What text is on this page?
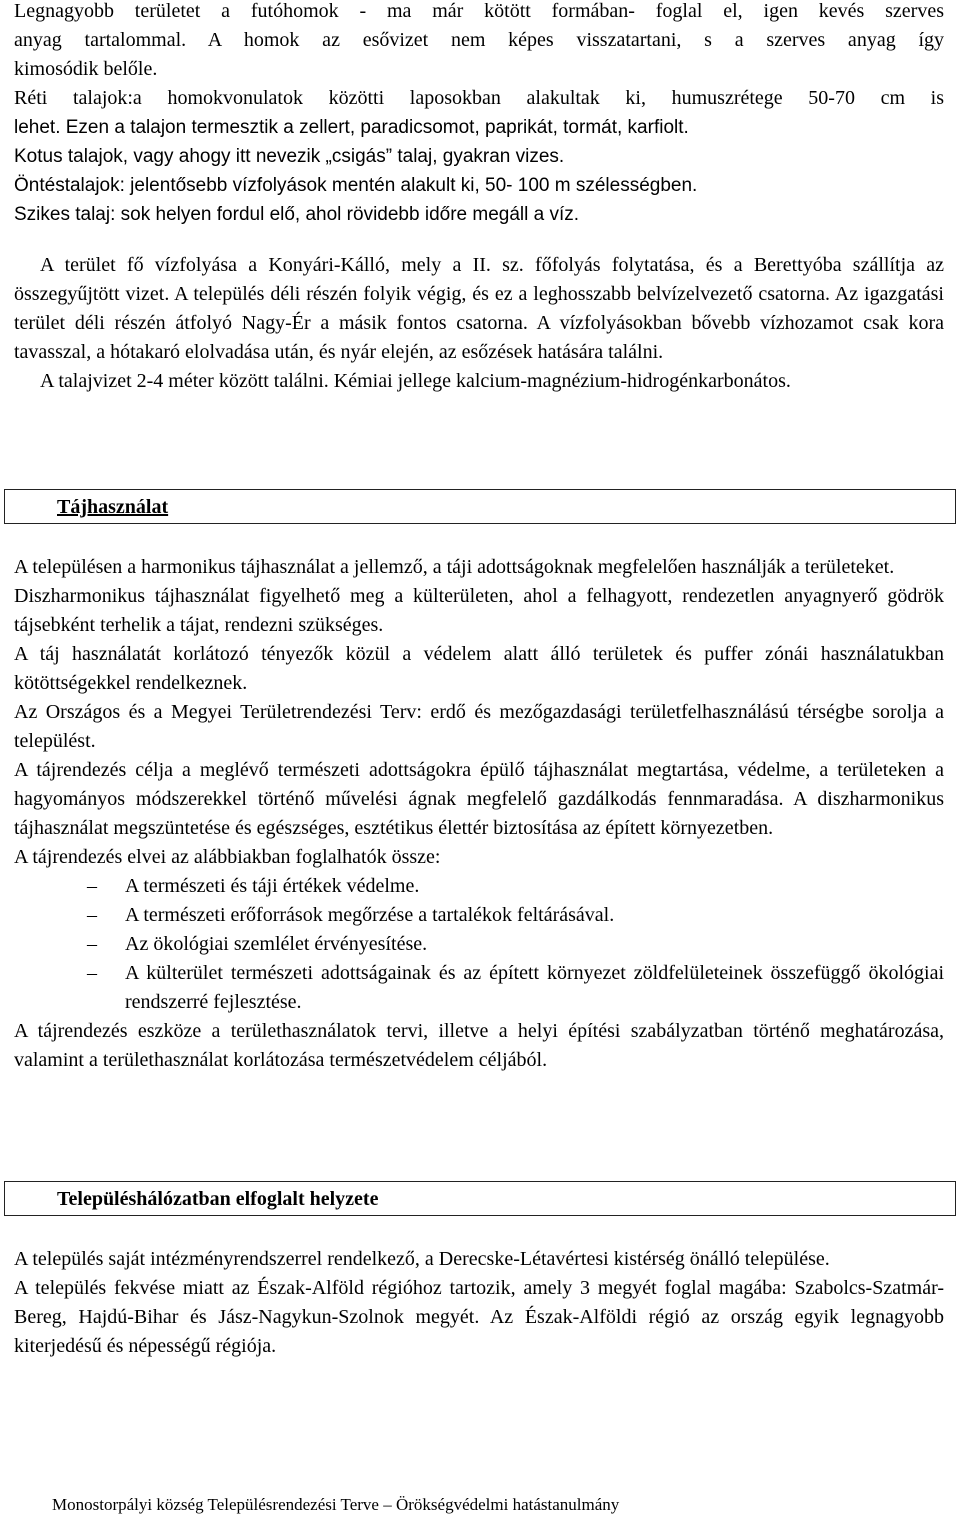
Legnagyobb területet a futóhomok - ma már kötött formában- foglal el, igen kevés szerves

anyag tartalommal. A homok az esővizet nem képes visszatartani, s a szerves anyag így

kimosódik belőle.

Réti talajok:a homokvonulatok közötti laposokban alakultak ki, humuszrétege 50-70 cm is

lehet. Ezen a talajon termesztik a zellert, paradicsomot, paprikát, tormát, karfiolt.

Kotus talajok, vagy ahogy itt nevezik „csigás” talaj, gyakran vizes.

Öntéstalajok: jelentősebb vízfolyások mentén alakult ki, 50- 100 m szélességben.

Szikes talaj: sok helyen fordul elő, ahol rövidebb időre megáll a víz.

A terület fő vízfolyása a Konyári-Kálló, mely a II. sz. főfolyás folytatása, és a Berettyóba szállítja az összegyűjtött vizet. A település déli részén folyik végig, és ez a leghosszabb belvízelvezető csatorna. Az igazgatási terület déli részén átfolyó Nagy-Ér a másik fontos csatorna. A vízfolyásokban bővebb vízhozamot csak kora tavasszal, a hótakaró elolvadása után, és nyár elején, az esőzések hatására találni.

A talajvizet 2-4 méter között találni. Kémiai jellege kalcium-magnézium-hidrogénkarbonátos.

Tájhasználat

A településen a harmonikus tájhasználat a jellemző, a táji adottságoknak megfelelően használják a területeket.

Diszharmonikus tájhasználat figyelhető meg a külterületen, ahol a felhagyott, rendezetlen anyagnyerő gödrök tájsebként terhelik a tájat, rendezni szükséges.

A táj használatát korlátozó tényezők közül a védelem alatt álló területek és puffer zónái használatukban kötöttségekkel rendelkeznek.

Az Országos és a Megyei Területrendezési Terv: erdő és mezőgazdasági területfelhasználású térségbe sorolja a települést.

A tájrendezés célja a meglévő természeti adottságokra épülő tájhasználat megtartása, védelme, a területeken a hagyományos módszerekkel történő művelési ágnak megfelelő gazdálkodás fennmaradása. A diszharmonikus tájhasználat megszüntetése és egészséges, esztétikus élettér biztosítása az épített környezetben.

A tájrendezés elvei az alábbiakban foglalhatók össze:

– A természeti és táji értékek védelme.
– A természeti erőforrások megőrzése a tartalékok feltárásával.
– Az ökológiai szemlélet érvényesítése.
– A külterület természeti adottságainak és az épített környezet zöldfelületeinek összefüggő ökológiai rendszerré fejlesztése.

A tájrendezés eszköze a területhasználatok tervi, illetve a helyi építési szabályzatban történő meghatározása, valamint a területhasználat korlátozása természetvédelem céljából.

Településhálózatban elfoglalt helyzete

A település saját intézményrendszerrel rendelkező, a Derecske-Létavértesi kistérség önálló települése.

A település fekvése miatt az Észak-Alföld régióhoz tartozik, amely 3 megyét foglal magába: Szabolcs-Szatmár-Bereg, Hajdú-Bihar és Jász-Nagykun-Szolnok megyét. Az Észak-Alföldi régió az ország egyik legnagyobb kiterjedésű és népességű régiója.

Monostorpályi község Településrendezési Terve – Örökségvédelmi hatástanulmány
